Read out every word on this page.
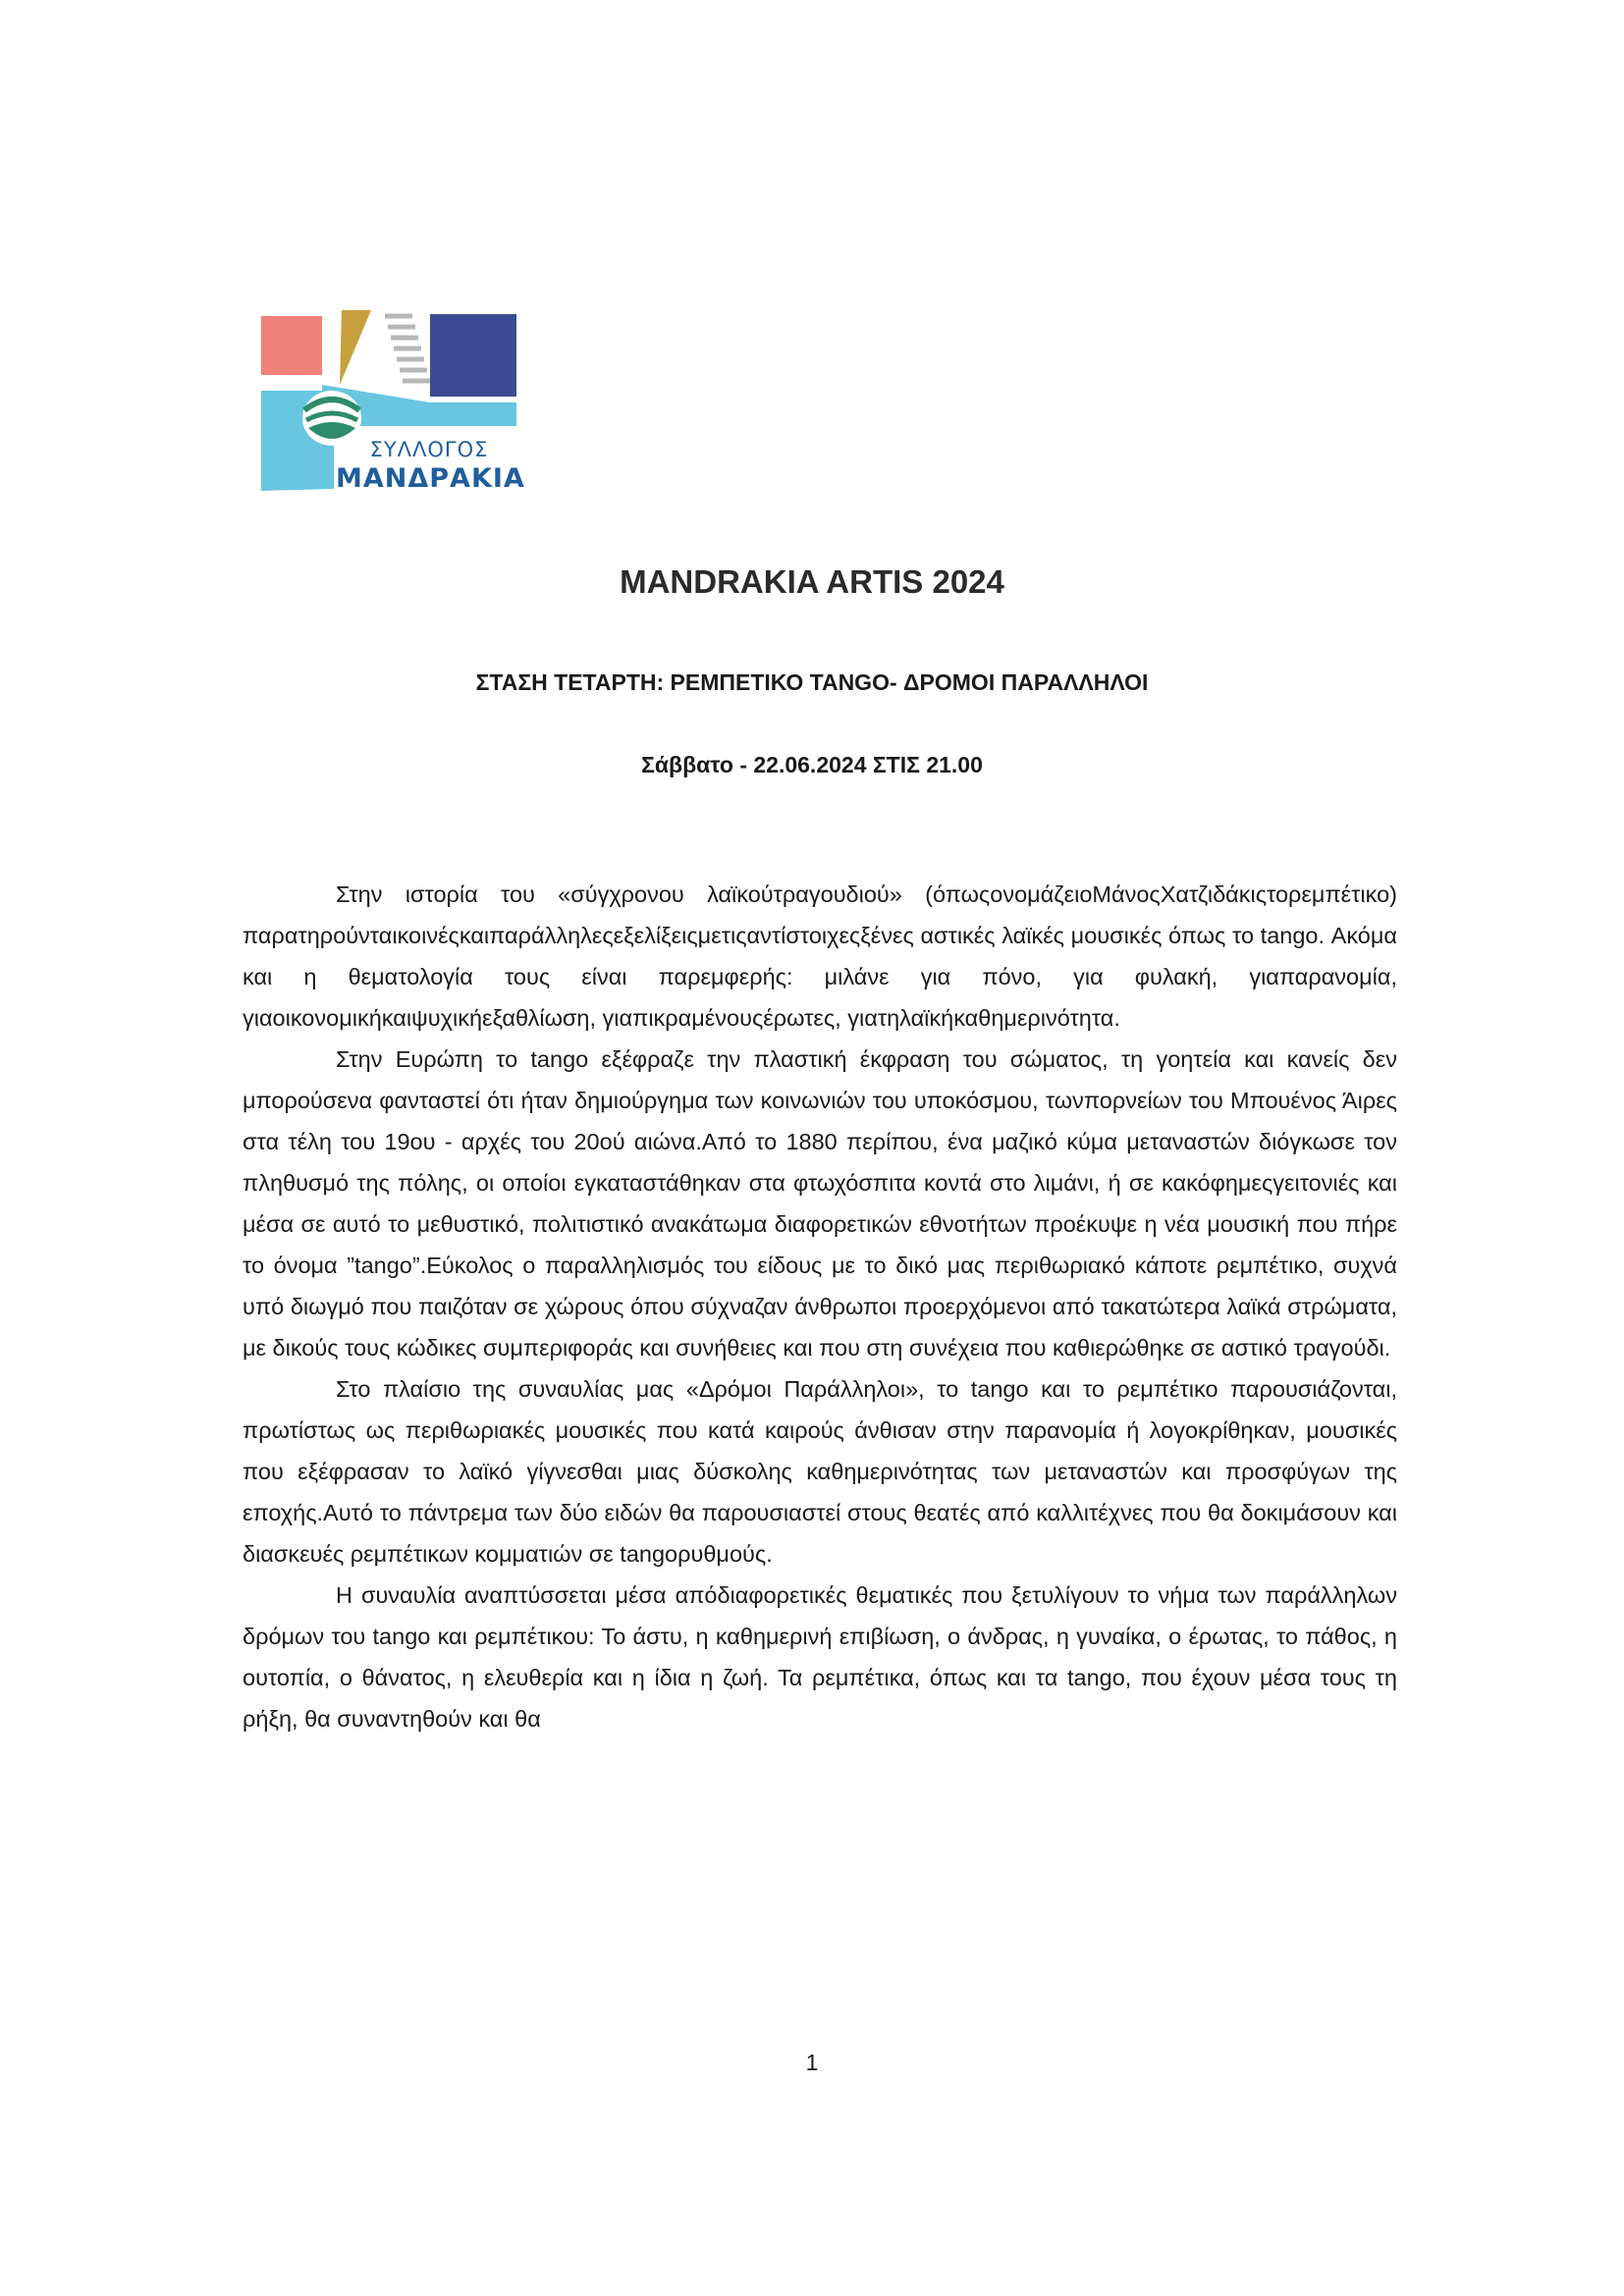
ΣΥΛΛΟΓΟΣ
ΜΑΝΔΡΑΚΙΑ
MANDRAKIA ARTIS 2024
ΣΤΑΣΗ ΤΕΤΑΡΤΗ: ΡΕΜΠΕΤΙΚΟ TANGO- ΔΡΟΜΟΙ ΠΑΡΑΛΛΗΛΟΙ
Σάββατο - 22.06.2024 ΣΤΙΣ 21.00

Στην ιστορία του «σύγχρονου λαϊκούτραγουδιού» (όπωςονομάζειοΜάνοςΧατζιδάκιςτορεμπέτικο) παρατηρούνταικοινέςκαιπαράλληλεςεξελίξειςμετιςαντίστοιχεςξένες αστικές λαϊκές μουσικές όπως το tango. Ακόμα και η θεματολογία τους είναι παρεμφερής: μιλάνε για πόνο, για φυλακή, γιαπαρανομία, γιαοικονομικήκαιψυχικήεξαθλίωση, γιαπικραμένουςέρωτες, γιατηλαϊκήκαθημερινότητα.

Στην Ευρώπη το tango εξέφραζε την πλαστική έκφραση του σώματος, τη γοητεία και κανείς δεν μπορούσενα φανταστεί ότι ήταν δημιούργημα των κοινωνιών του υποκόσμου, τωνπορνείων του Μπουένος Άιρες στα τέλη του 19ου - αρχές του 20ού αιώνα.Από το 1880 περίπου, ένα μαζικό κύμα μεταναστών διόγκωσε τον πληθυσμό της πόλης, οι οποίοι εγκαταστάθηκαν στα φτωχόσπιτα κοντά στο λιμάνι, ή σε κακόφημεςγειτονιές και μέσα σε αυτό το μεθυστικό, πολιτιστικό ανακάτωμα διαφορετικών εθνοτήτων προέκυψε η νέα μουσική που πήρε το όνομα ”tango”.Εύκολος ο παραλληλισμός του είδους με το δικό μας περιθωριακό κάποτε ρεμπέτικο, συχνά υπό διωγμό που παιζόταν σε χώρους όπου σύχναζαν άνθρωποι προερχόμενοι από τακατώτερα λαϊκά στρώματα, με δικούς τους κώδικες συμπεριφοράς και συνήθειες και που στη συνέχεια που καθιερώθηκε σε αστικό τραγούδι.

Στο πλαίσιο της συναυλίας μας «Δρόμοι Παράλληλοι», το tango και το ρεμπέτικο παρουσιάζονται, πρωτίστως ως περιθωριακές μουσικές που κατά καιρούς άνθισαν στην παρανομία ή λογοκρίθηκαν, μουσικές που εξέφρασαν το λαϊκό γίγνεσθαι μιας δύσκολης καθημερινότητας των μεταναστών και προσφύγων της εποχής.Αυτό το πάντρεμα των δύο ειδών θα παρουσιαστεί στους θεατές από καλλιτέχνες που θα δοκιμάσουν και διασκευές ρεμπέτικων κομματιών σε tangoρυθμούς.

Η συναυλία αναπτύσσεται μέσα απόδιαφορετικές θεματικές που ξετυλίγουν το νήμα των παράλληλων δρόμων του tango και ρεμπέτικου: Το άστυ, η καθημερινή επιβίωση, ο άνδρας, η γυναίκα, ο έρωτας, το πάθος, η ουτοπία, ο θάνατος, η ελευθερία και η ίδια η ζωή. Τα ρεμπέτικα, όπως και τα tango, που έχουν μέσα τους τη ρήξη, θα συναντηθούν και θα

1
